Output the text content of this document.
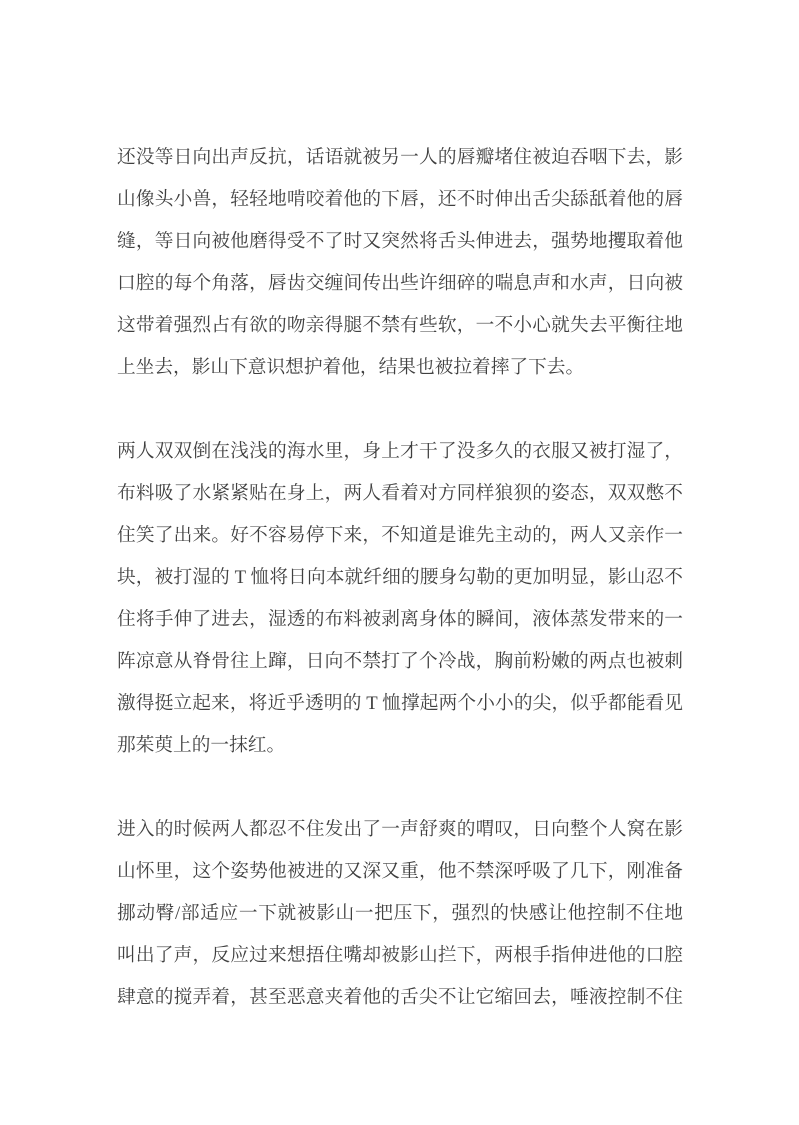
还没等日向出声反抗，话语就被另一人的唇瓣堵住被迫吞咽下去，影
山像头小兽，轻轻地啃咬着他的下唇，还不时伸出舌尖舔舐着他的唇
缝，等日向被他磨得受不了时又突然将舌头伸进去，强势地攫取着他
口腔的每个角落，唇齿交缠间传出些许细碎的喘息声和水声，日向被
这带着强烈占有欲的吻亲得腿不禁有些软，一不小心就失去平衡往地
上坐去，影山下意识想护着他，结果也被拉着摔了下去。
两人双双倒在浅浅的海水里，身上才干了没多久的衣服又被打湿了，
布料吸了水紧紧贴在身上，两人看着对方同样狼狈的姿态，双双憋不
住笑了出来。好不容易停下来，不知道是谁先主动的，两人又亲作一
块，被打湿的 T 恤将日向本就纤细的腰身勾勒的更加明显，影山忍不
住将手伸了进去，湿透的布料被剥离身体的瞬间，液体蒸发带来的一
阵凉意从脊骨往上蹿，日向不禁打了个冷战，胸前粉嫩的两点也被刺
激得挺立起来，将近乎透明的 T 恤撑起两个小小的尖，似乎都能看见
那茱萸上的一抹红。
进入的时候两人都忍不住发出了一声舒爽的喟叹，日向整个人窝在影
山怀里，这个姿势他被进的又深又重，他不禁深呼吸了几下，刚准备
挪动臀/部适应一下就被影山一把压下，强烈的快感让他控制不住地
叫出了声，反应过来想捂住嘴却被影山拦下，两根手指伸进他的口腔
肆意的搅弄着，甚至恶意夹着他的舌尖不让它缩回去，唾液控制不住
